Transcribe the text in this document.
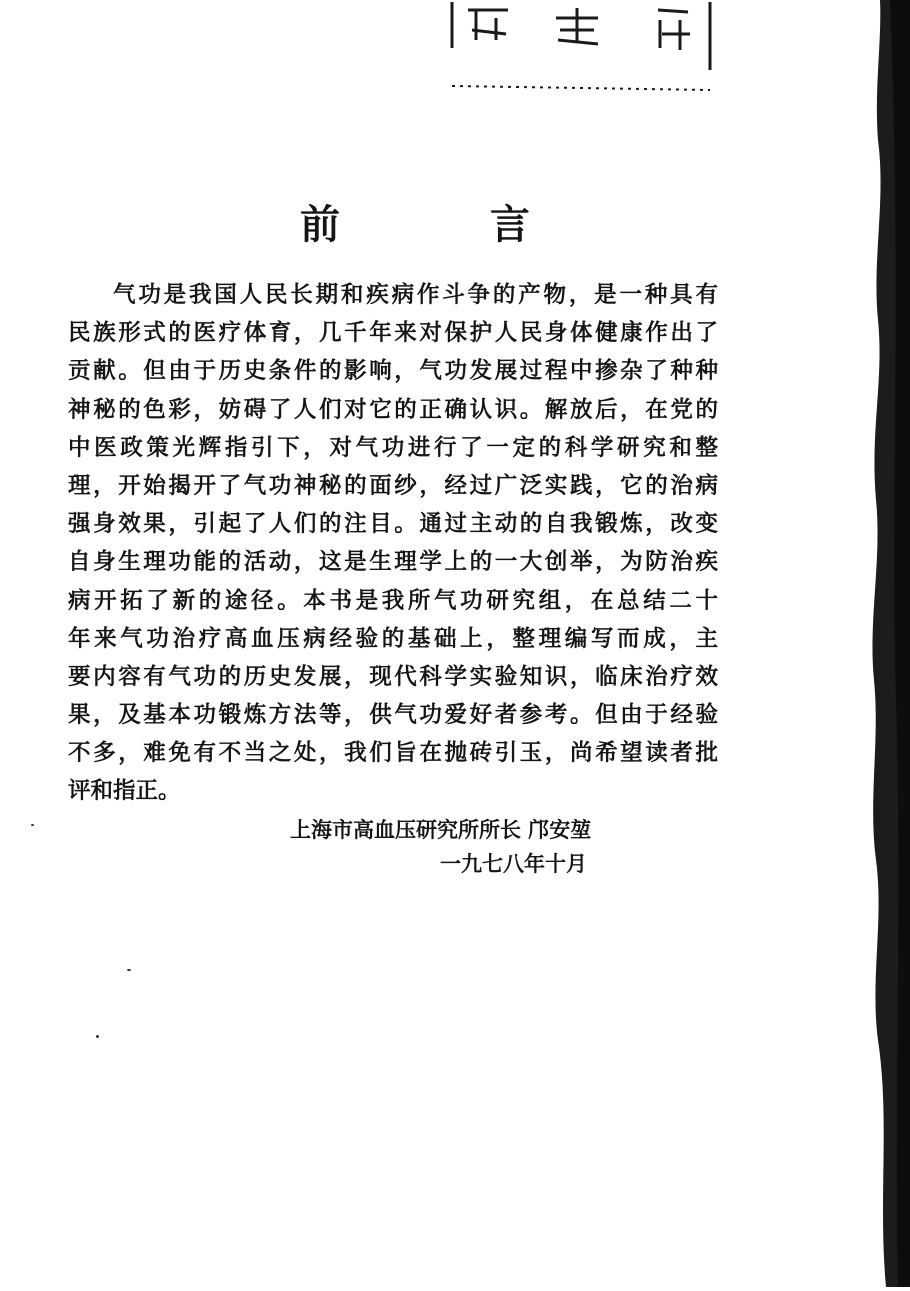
前 言
气功是我国人民长期和疾病作斗争的产物，是一种具有
民族形式的医疗体育，几千年来对保护人民身体健康作出了
贡献。但由于历史条件的影响，气功发展过程中掺杂了种种
神秘的色彩，妨碍了人们对它的正确认识。解放后，在党的
中医政策光辉指引下，对气功进行了一定的科学研究和整
理，开始揭开了气功神秘的面纱，经过广泛实践，它的治病
强身效果，引起了人们的注目。通过主动的自我锻炼，改变
自身生理功能的活动，这是生理学上的一大创举，为防治疾
病开拓了新的途径。本书是我所气功研究组，在总结二十
年来气功治疗高血压病经验的基础上，整理编写而成，主
要内容有气功的历史发展，现代科学实验知识，临床治疗效
果，及基本功锻炼方法等，供气功爱好者参考。但由于经验
不多，难免有不当之处，我们旨在抛砖引玉，尚希望读者批
评和指正。
上海市高血压研究所所长 邝安堃
一九七八年十月
